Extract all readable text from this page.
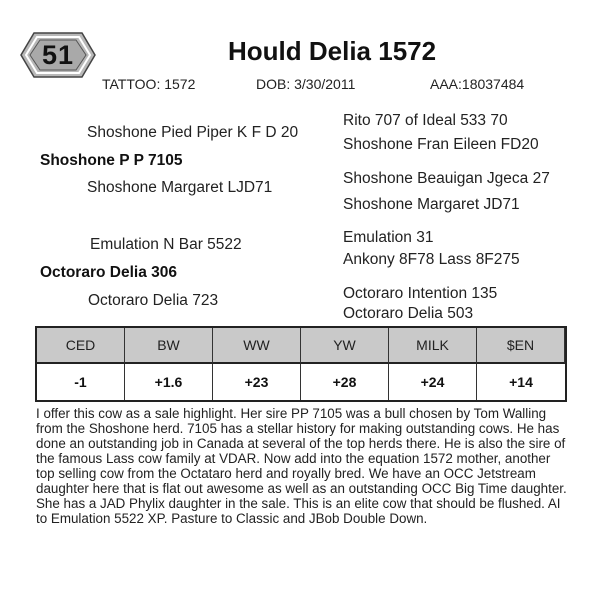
51	Hould Delia 1572
TATTOO: 1572	DOB: 3/30/2011	AAA:18037484
Rito 707 of Ideal 533 70
Shoshone Pied Piper K F D 20
Shoshone Fran Eileen FD20
Shoshone P P 7105
Shoshone Beauigan Jgeca 27
Shoshone Margaret LJD71
Shoshone Margaret JD71
Emulation 31
Emulation N Bar 5522
Ankony 8F78 Lass 8F275
Octoraro Delia 306
Octoraro Intention 135
Octoraro Delia 723
Octoraro Delia 503
CED	BW	WW	YW	MILK	$EN
-1	+1.6	+23	+28	+24	+14

I offer this cow as a sale highlight. Her sire PP 7105 was a bull chosen by Tom Walling from the Shoshone herd. 7105 has a stellar history for making outstanding cows. He has done an outstanding job in Canada at several of the top herds there. He is also the sire of the famous Lass cow family at VDAR. Now add into the equation 1572 mother, another top selling cow from the Octataro herd and royally bred. We have an OCC Jetstream daughter here that is flat out awesome as well as an outstanding OCC Big Time daughter. She has a JAD Phylix daughter in the sale. This is an elite cow that should be flushed. AI to Emulation 5522 XP. Pasture to Classic and JBob Double Down.
